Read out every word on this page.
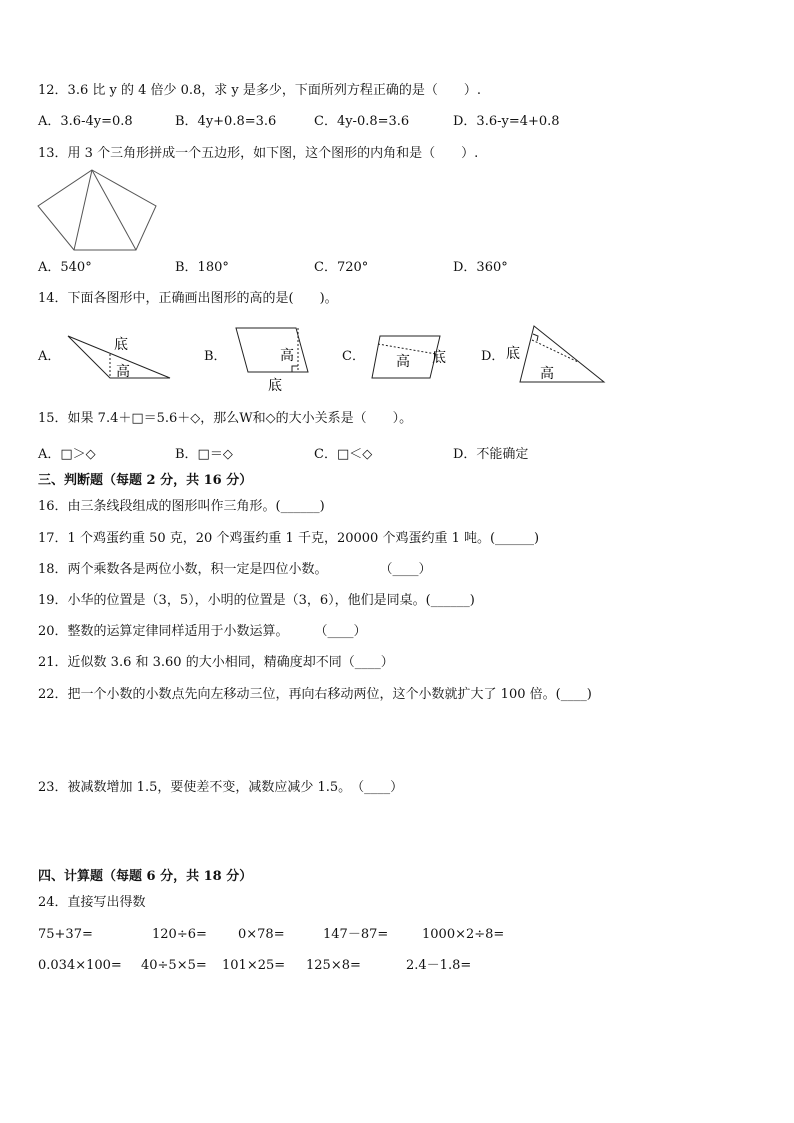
12．3.6 比 y 的 4 倍少 0.8，求 y 是多少，下面所列方程正确的是（　　）.
A．3.6-4y=0.8	B．4y+0.8=3.6	C．4y-0.8=3.6	D．3.6-y=4+0.8
13．用 3 个三角形拼成一个五边形，如下图，这个图形的内角和是（　　）.
A．540°	B．180°	C．720°	D．360°
14．下面各图形中，正确画出图形的高的是(　　)。
A．	B．	C．	D．
底
高
高
底
高 底	底
高
15．如果 7.4＋□＝5.6＋◇，那么W和◇的大小关系是（　　）。
A．□＞◇	B．□＝◇	C．□＜◇	D．不能确定
三、判断题（每题 2 分，共 16 分）
16．由三条线段组成的图形叫作三角形。(______)
17．1 个鸡蛋约重 50 克，20 个鸡蛋约重 1 千克，20000 个鸡蛋约重 1 吨。(______)
18．两个乘数各是两位小数，积一定是四位小数。　　　　　（____）
19．小华的位置是（3，5），小明的位置是（3，6），他们是同桌。(______)
20．整数的运算定律同样适用于小数运算。　　　（____）
21．近似数 3.6 和 3.60 的大小相同，精确度却不同（____）
22．把一个小数的小数点先向左移动三位，再向右移动两位，这个小数就扩大了 100 倍。(____)
23．被减数增加 1.5，要使差不变，减数应减少 1.5。　（____）
四、计算题（每题 6 分，共 18 分）
24．直接写出得数
75+37=	120÷6= 0×78=	147－87=	1000×2÷8=
0.034×100= 40÷5×5= 101×25= 125×8=	2.4－1.8=
